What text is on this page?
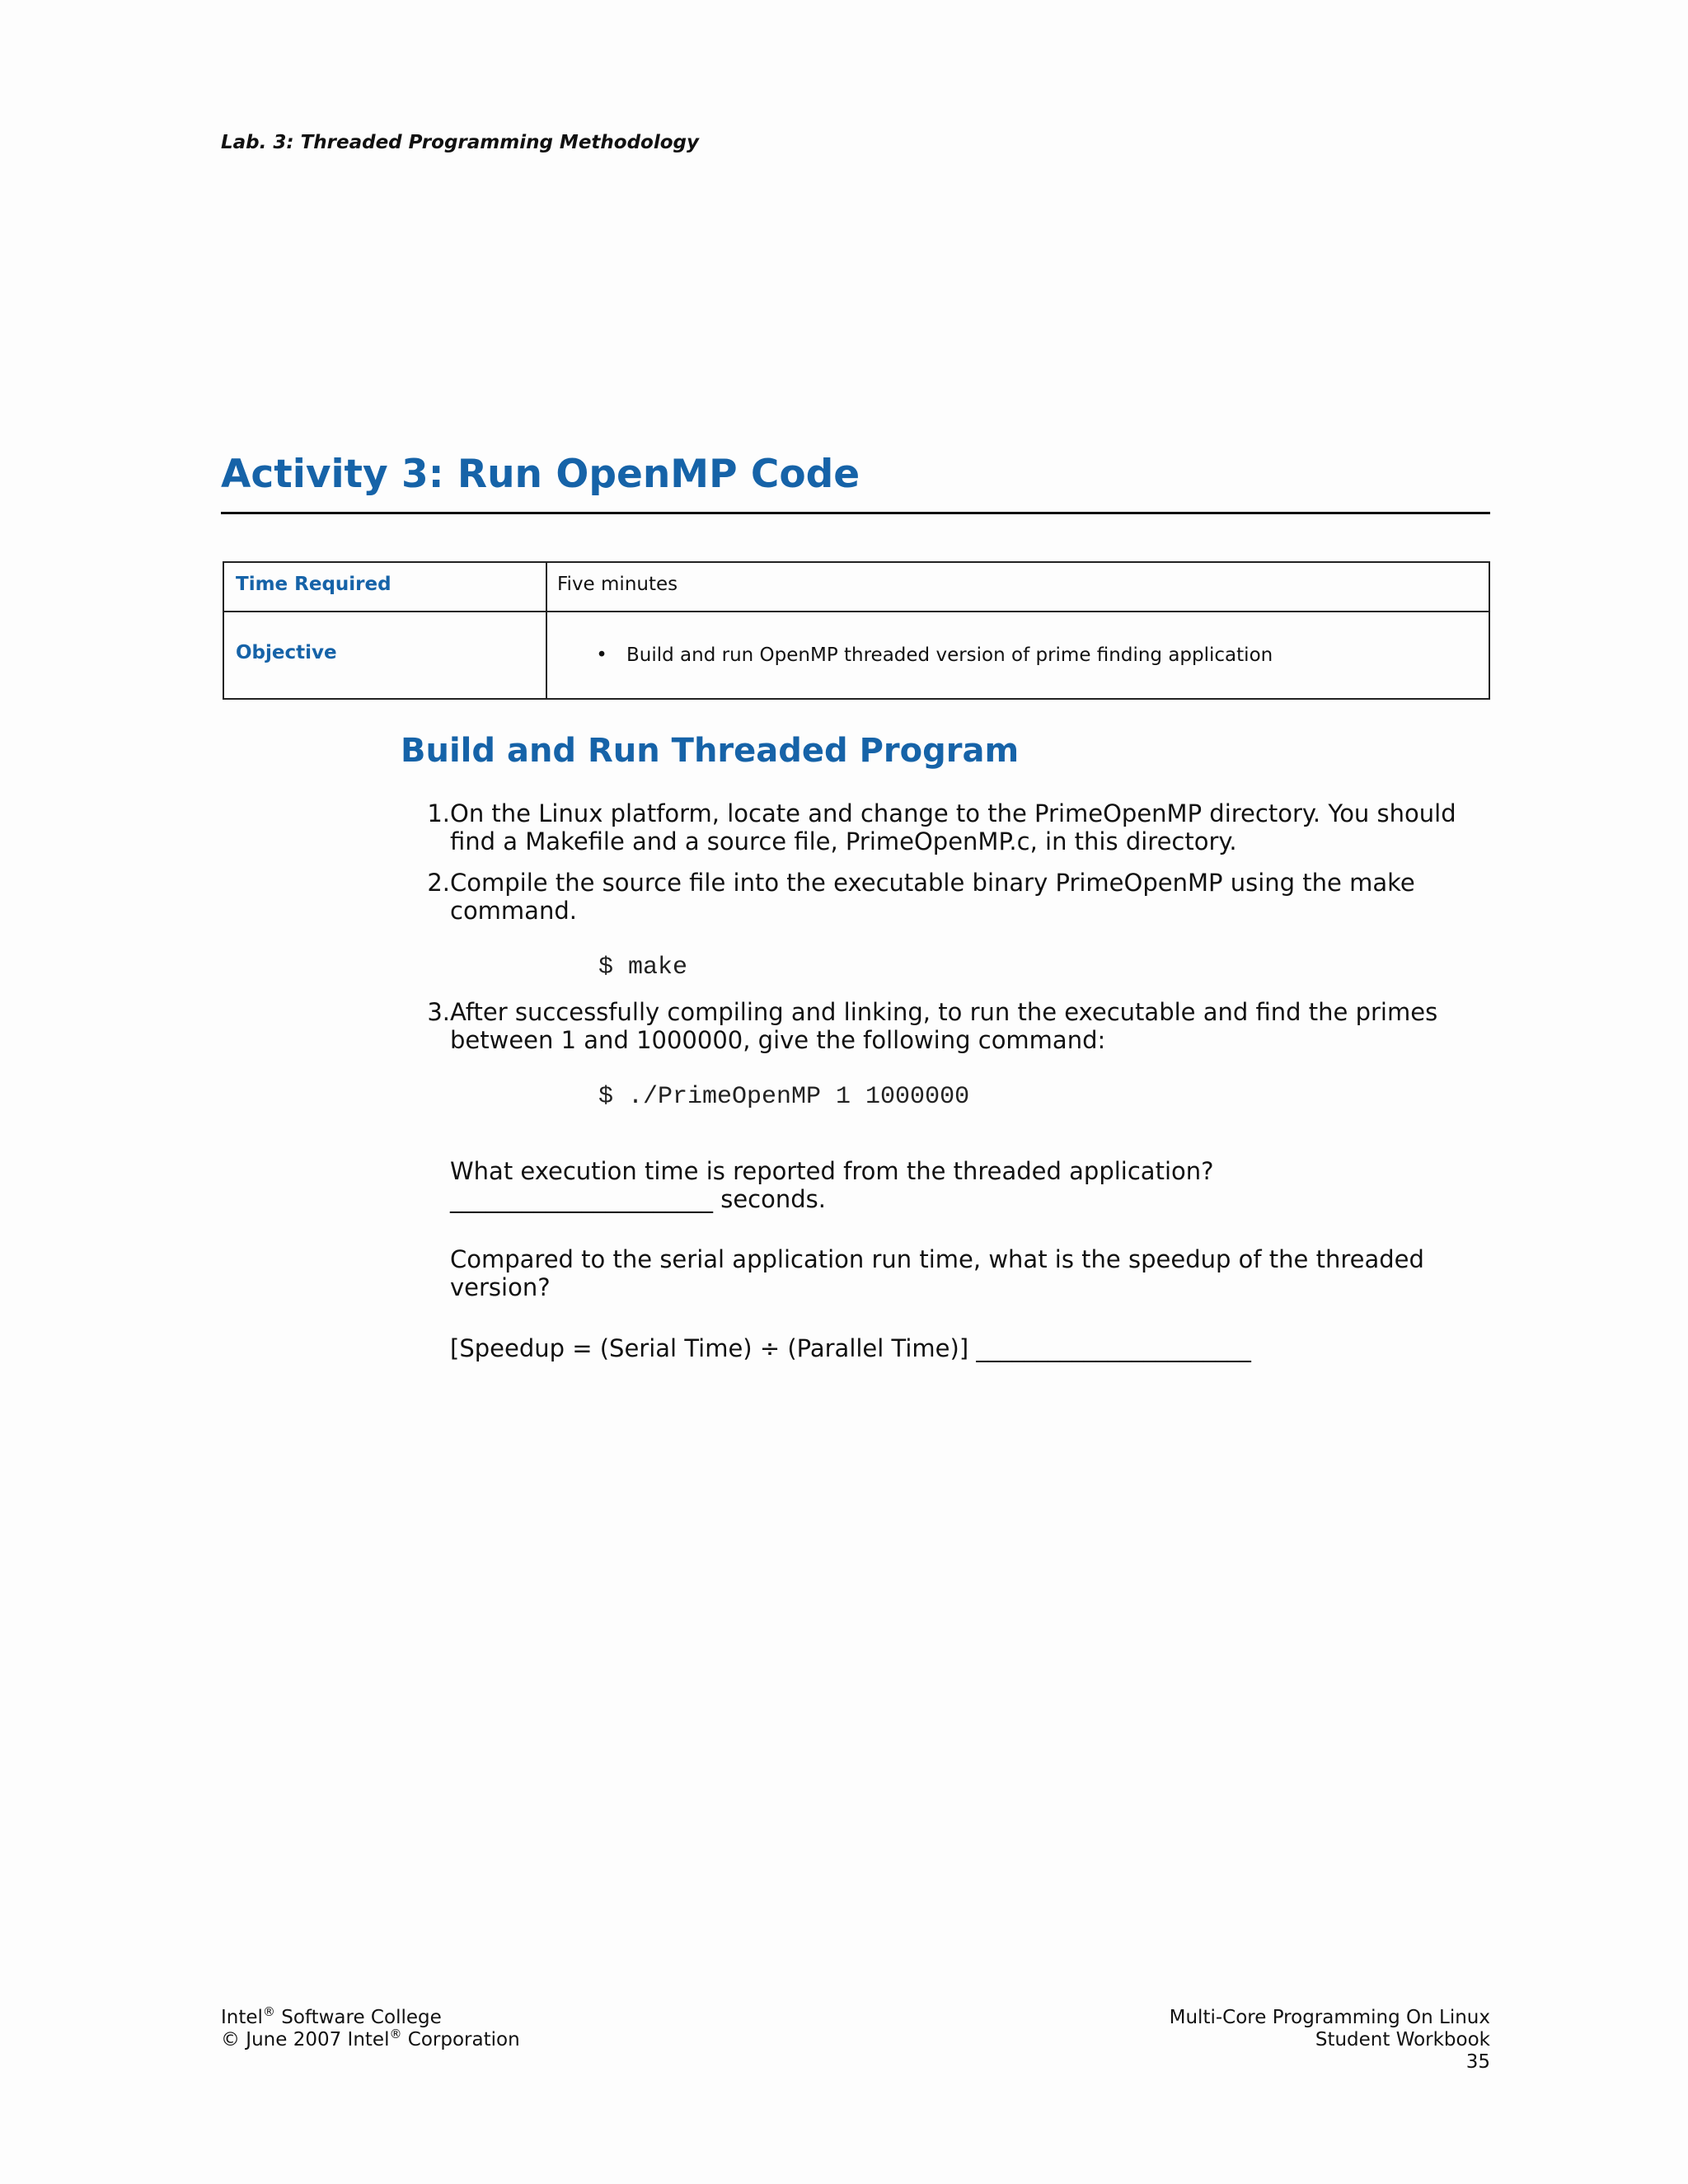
Lab. 3: Threaded Programming Methodology
Activity 3: Run OpenMP Code
Time Required	Five minutes
Objective	• Build and run OpenMP threaded version of prime finding application
Build and Run Threaded Program
1. On the Linux platform, locate and change to the PrimeOpenMP directory. You should find a Makefile and a source file, PrimeOpenMP.c, in this directory.
2. Compile the source file into the executable binary PrimeOpenMP using the make command.
$ make
3. After successfully compiling and linking, to run the executable and find the primes between 1 and 1000000, give the following command:
$ ./PrimeOpenMP 1 1000000
What execution time is reported from the threaded application?
______________________ seconds.
Compared to the serial application run time, what is the speedup of the threaded version?
[Speedup = (Serial Time) ÷ (Parallel Time)] _______________________
Intel® Software College
© June 2007 Intel® Corporation
Multi-Core Programming On Linux
Student Workbook
35
